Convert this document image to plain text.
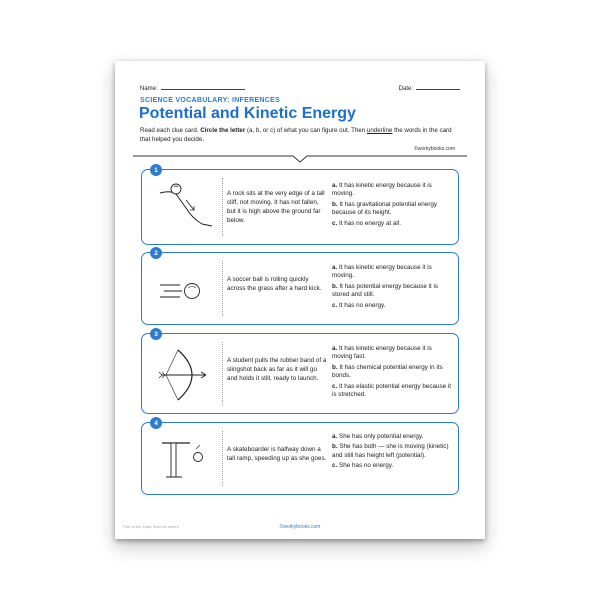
Name:	Date:
SCIENCE VOCABULARY: INFERENCES
Potential and Kinetic Energy
Read each clue card. Circle the letter (a, b, or c) of what you can figure out. Then underline the words in the card that helped you decide.
©workybooks.com
1
A rock sits at the very edge of a tall cliff, not moving. It has not fallen, but it is high above the ground far below.
a. It has kinetic energy because it is moving.
b. It has gravitational potential energy because of its height.
c. It has no energy at all.
2
A soccer ball is rolling quickly across the grass after a hard kick.
a. It has kinetic energy because it is moving.
b. It has potential energy because it is stored and still.
c. It has no energy.
3
A student pulls the rubber band of a slingshot back as far as it will go and holds it still, ready to launch.
a. It has kinetic energy because it is moving fast.
b. It has chemical potential energy in its bonds.
c. It has elastic potential energy because it is stretched.
4
A skateboarder is halfway down a tall ramp, speeding up as she goes.
a. She has only potential energy.
b. She has both — she is moving (kinetic) and still has height left (potential).
c. She has no energy.
Part of the Daily Science series	©workybooks.com
